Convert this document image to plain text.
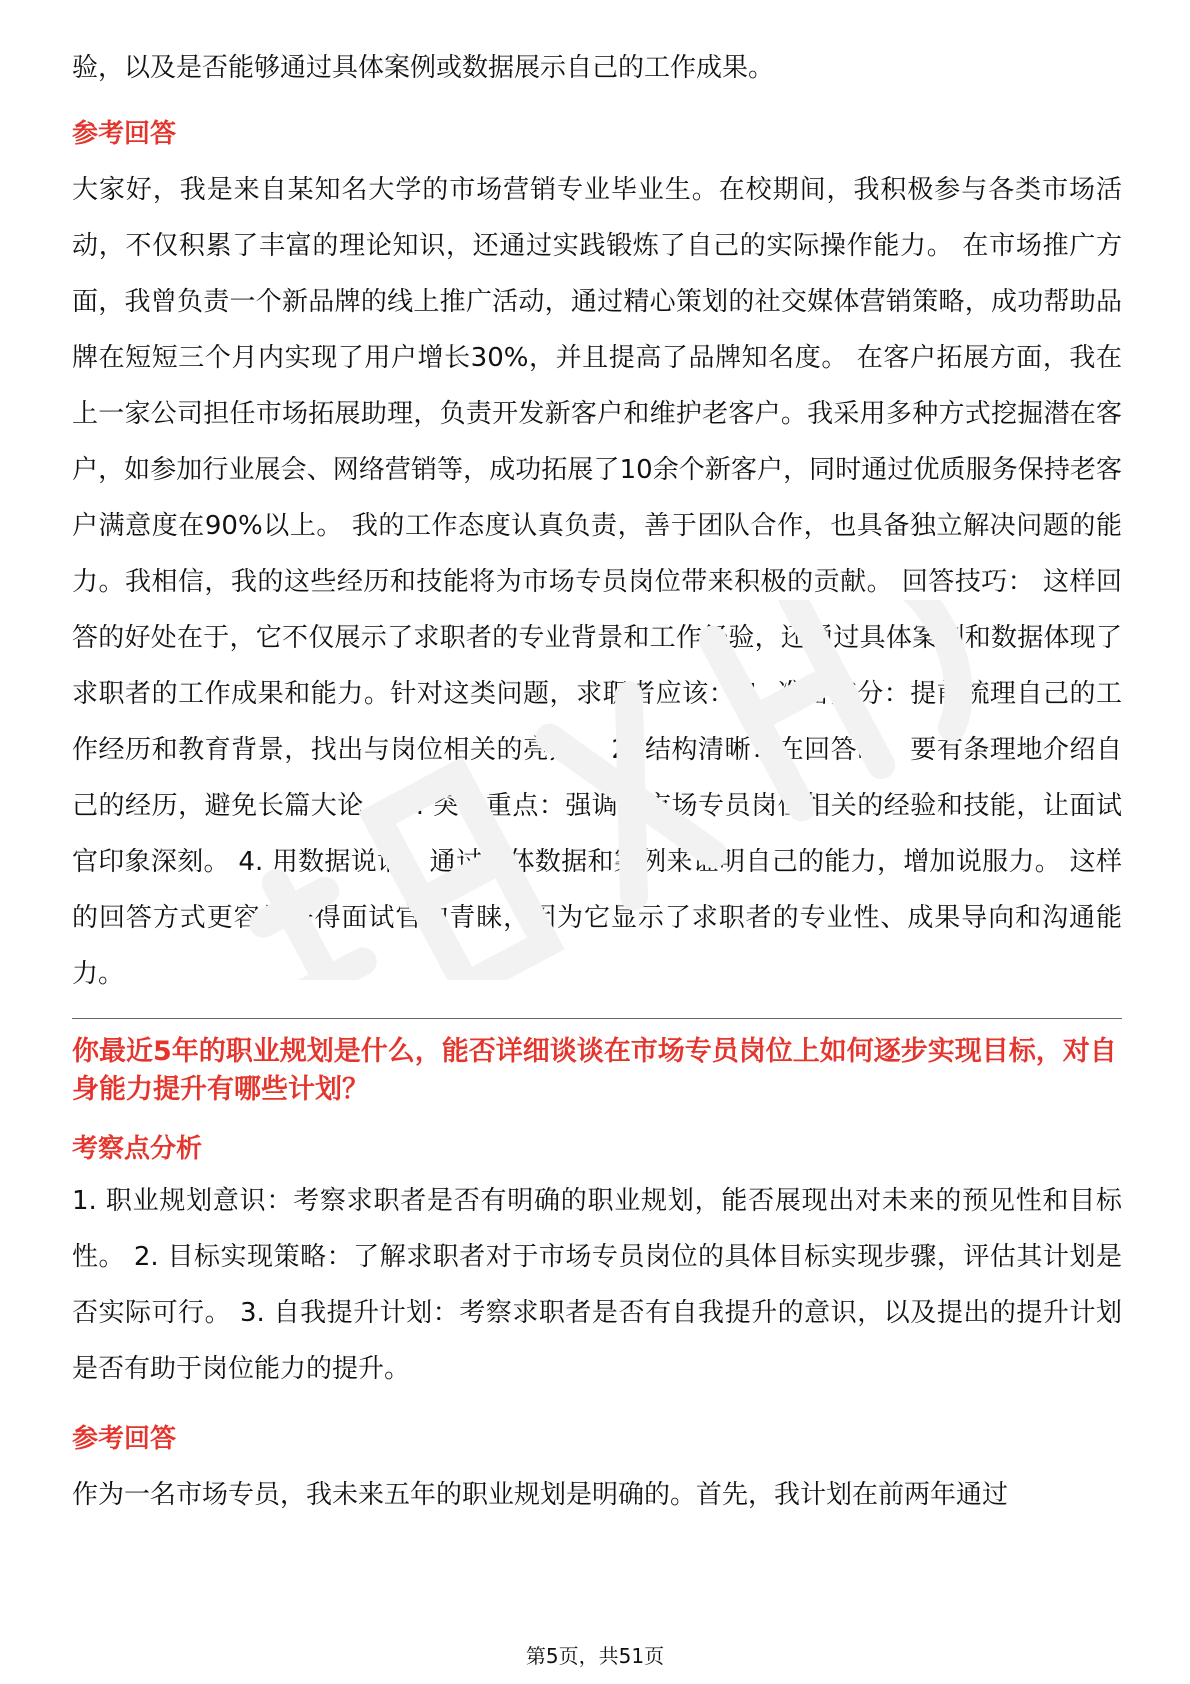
验，以及是否能够通过具体案例或数据展示自己的工作成果。

参考回答

大家好，我是来自某知名大学的市场营销专业毕业生。在校期间，我积极参与各类市场活动，不仅积累了丰富的理论知识，还通过实践锻炼了自己的实际操作能力。 在市场推广方面，我曾负责一个新品牌的线上推广活动，通过精心策划的社交媒体营销策略，成功帮助品牌在短短三个月内实现了用户增长30%，并且提高了品牌知名度。 在客户拓展方面，我在上一家公司担任市场拓展助理，负责开发新客户和维护老客户。我采用多种方式挖掘潜在客户，如参加行业展会、网络营销等，成功拓展了10余个新客户，同时通过优质服务保持老客户满意度在90%以上。 我的工作态度认真负责，善于团队合作，也具备独立解决问题的能力。我相信，我的这些经历和技能将为市场专员岗位带来积极的贡献。 回答技巧： 这样回答的好处在于，它不仅展示了求职者的专业背景和工作经验，还通过具体案例和数据体现了求职者的工作成果和能力。针对这类问题，求职者应该： 1. 准备充分：提前梳理自己的工作经历和教育背景，找出与岗位相关的亮点。 2. 结构清晰：在回答时，要有条理地介绍自己的经历，避免长篇大论。 3. 突出重点：强调与市场专员岗位相关的经验和技能，让面试官印象深刻。 4. 用数据说话：通过具体数据和案例来证明自己的能力，增加说服力。 这样的回答方式更容易获得面试官的青睐，因为它显示了求职者的专业性、成果导向和沟通能力。

你最近5年的职业规划是什么，能否详细谈谈在市场专员岗位上如何逐步实现目标，对自身能力提升有哪些计划？
考察点分析

1. 职业规划意识：考察求职者是否有明确的职业规划，能否展现出对未来的预见性和目标性。 2. 目标实现策略：了解求职者对于市场专员岗位的具体目标实现步骤，评估其计划是否实际可行。 3. 自我提升计划：考察求职者是否有自我提升的意识，以及提出的提升计划是否有助于岗位能力的提升。

参考回答

作为一名市场专员，我未来五年的职业规划是明确的。首先，我计划在前两年通过

第5页，共51页
